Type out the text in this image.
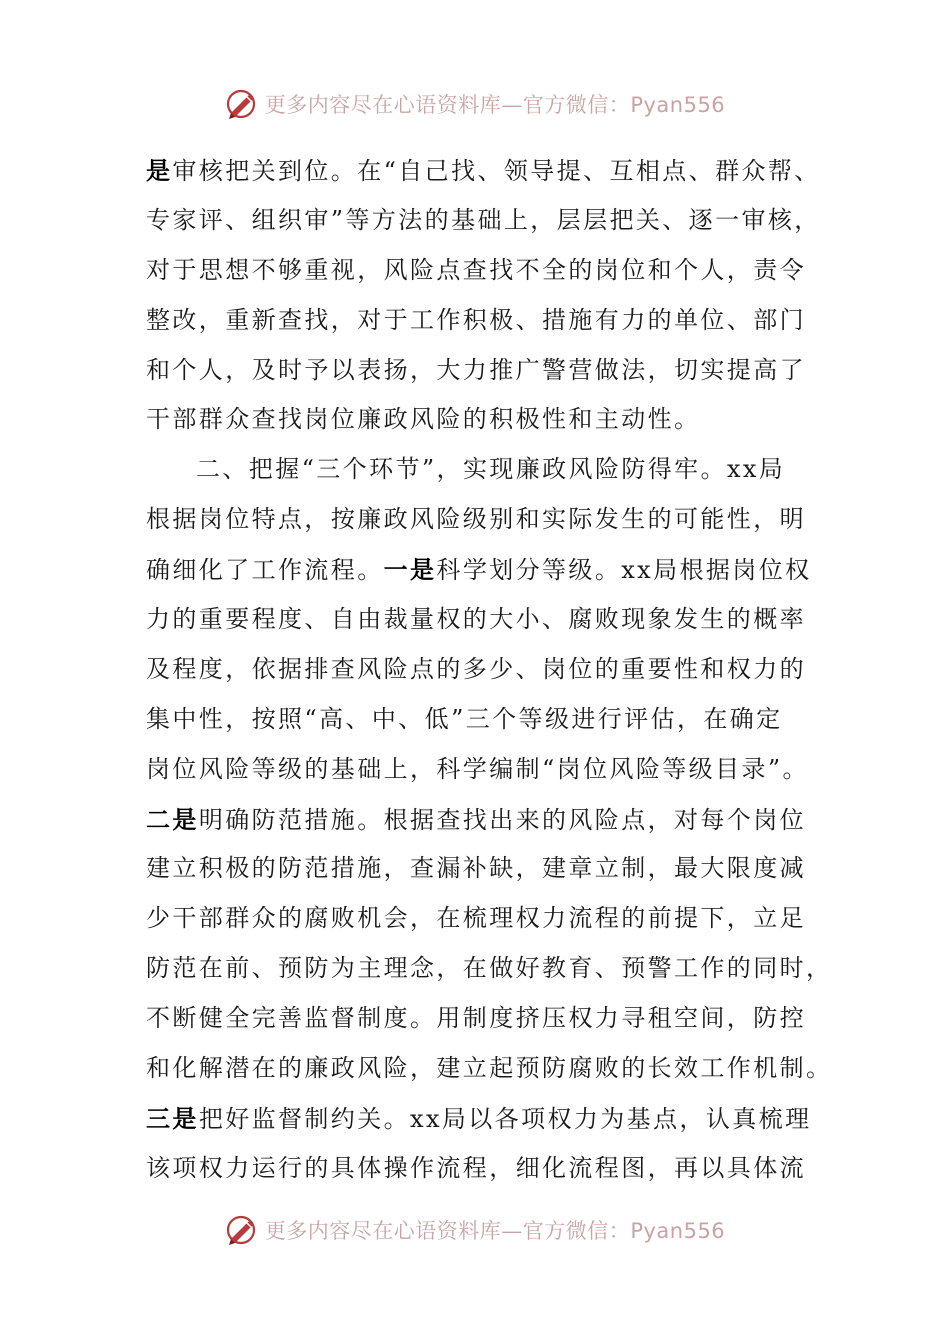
更多内容尽在心语资料库—官方微信：Pyan556
是审核把关到位。在“自己找、领导提、互相点、群众帮、
专家评、组织审”等方法的基础上，层层把关、逐一审核，
对于思想不够重视，风险点查找不全的岗位和个人，责令
整改，重新查找，对于工作积极、措施有力的单位、部门
和个人，及时予以表扬，大力推广警营做法，切实提高了
干部群众查找岗位廉政风险的积极性和主动性。
二、把握“三个环节”，实现廉政风险防得牢。xx局
根据岗位特点，按廉政风险级别和实际发生的可能性，明
确细化了工作流程。一是科学划分等级。xx局根据岗位权
力的重要程度、自由裁量权的大小、腐败现象发生的概率
及程度，依据排查风险点的多少、岗位的重要性和权力的
集中性，按照“高、中、低”三个等级进行评估，在确定
岗位风险等级的基础上，科学编制“岗位风险等级目录”。
二是明确防范措施。根据查找出来的风险点，对每个岗位
建立积极的防范措施，查漏补缺，建章立制，最大限度减
少干部群众的腐败机会，在梳理权力流程的前提下，立足
防范在前、预防为主理念，在做好教育、预警工作的同时，
不断健全完善监督制度。用制度挤压权力寻租空间，防控
和化解潜在的廉政风险，建立起预防腐败的长效工作机制。
三是把好监督制约关。xx局以各项权力为基点，认真梳理
该项权力运行的具体操作流程，细化流程图，再以具体流
更多内容尽在心语资料库—官方微信：Pyan556
